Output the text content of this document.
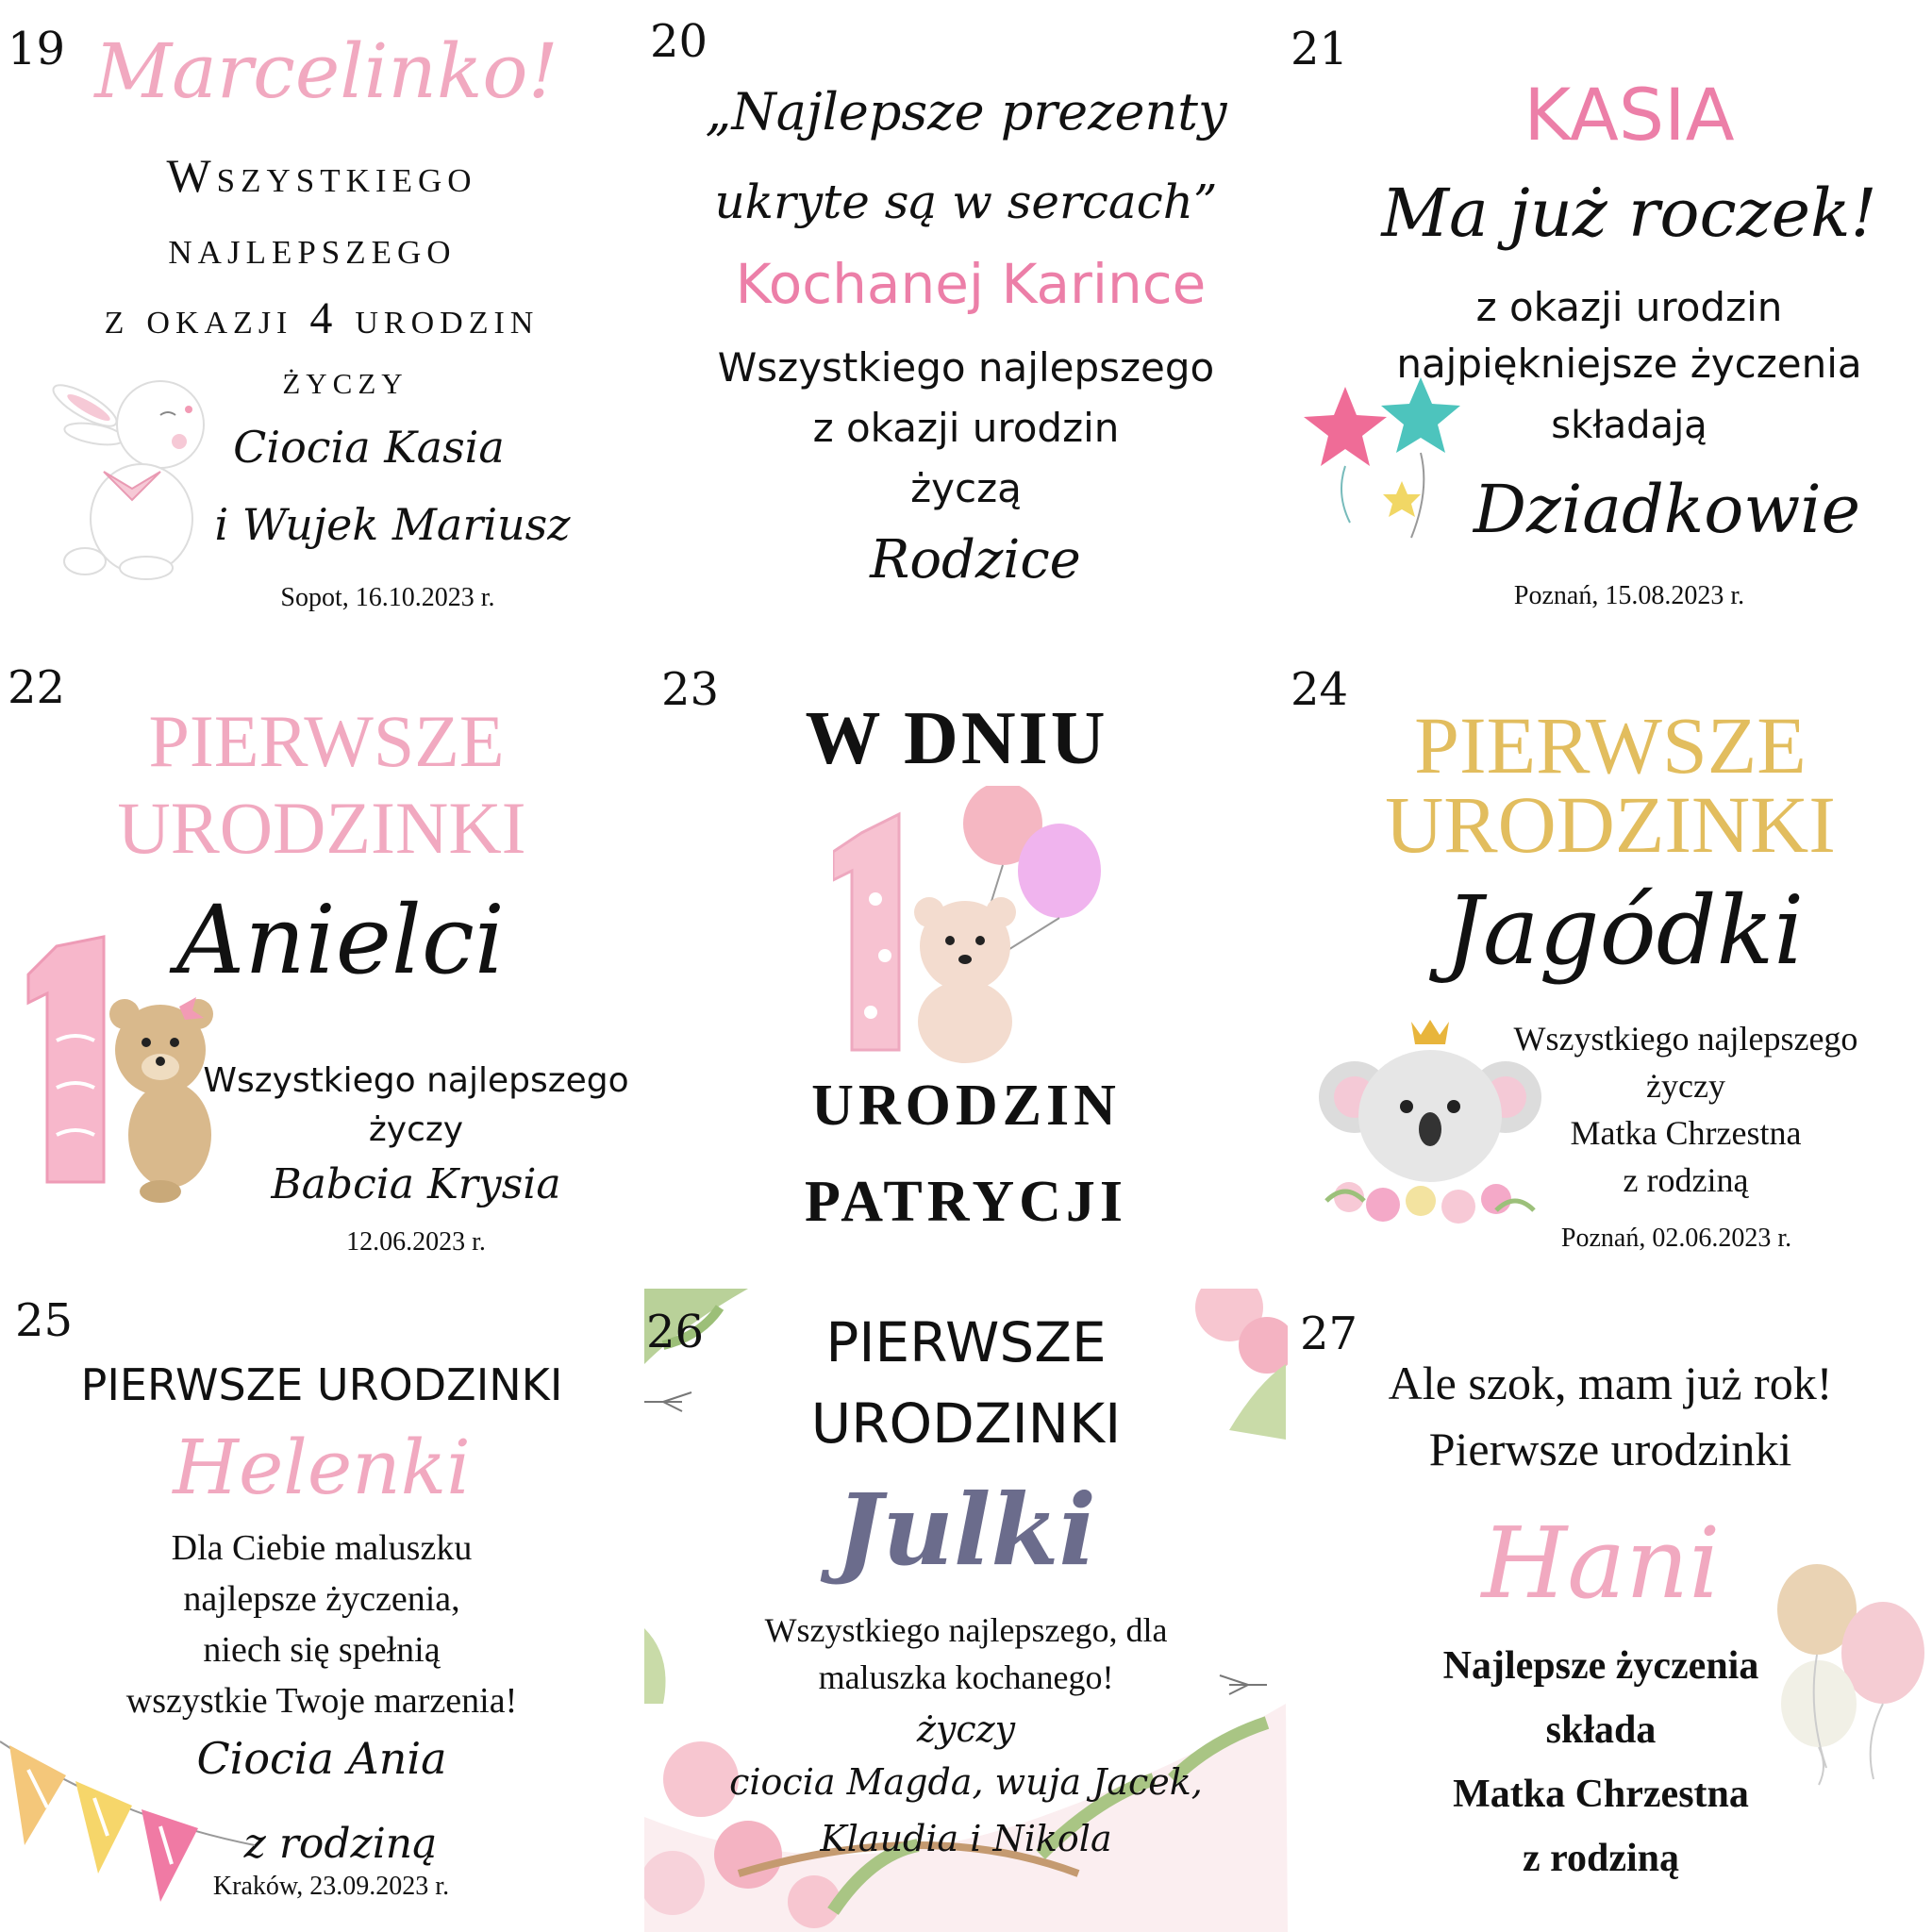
19 Marcelinko!
Wszystkiego
najlepszego
z okazji 4 urodzin
życzy
Ciocia Kasia
i Wujek Mariusz
Sopot, 16.10.2023 r.
20
„Najlepsze prezenty
ukryte są w sercach”
Kochanej Karince
Wszystkiego najlepszego
z okazji urodzin
życzą
Rodzice
21
KASIA
Ma już roczek!
z okazji urodzin
najpiękniejsze życzenia
składają
Dziadkowie
Poznań, 15.08.2023 r.
22
PIERWSZE
URODZINKI
Anielci
Wszystkiego najlepszego
życzy
Babcia Krysia
12.06.2023 r.
23
W DNIU
URODZIN
PATRYCJI
24
PIERWSZE
URODZINKI
Jagódki
Wszystkiego najlepszego
życzy
Matka Chrzestna
z rodziną
Poznań, 02.06.2023 r.
25
PIERWSZE URODZINKI
Helenki
Dla Ciebie maluszku
najlepsze życzenia,
niech się spełnią
wszystkie Twoje marzenia!
Ciocia Ania
z rodziną
Kraków, 23.09.2023 r.
26	PIERWSZE
URODZINKI
Julki
Wszystkiego najlepszego, dla
maluszka kochanego!
życzy
ciocia Magda, wuja Jacek,
Klaudia i Nikola
27
Ale szok, mam już rok!
Pierwsze urodzinki
Hani
Najlepsze życzenia
składa
Matka Chrzestna
z rodziną
